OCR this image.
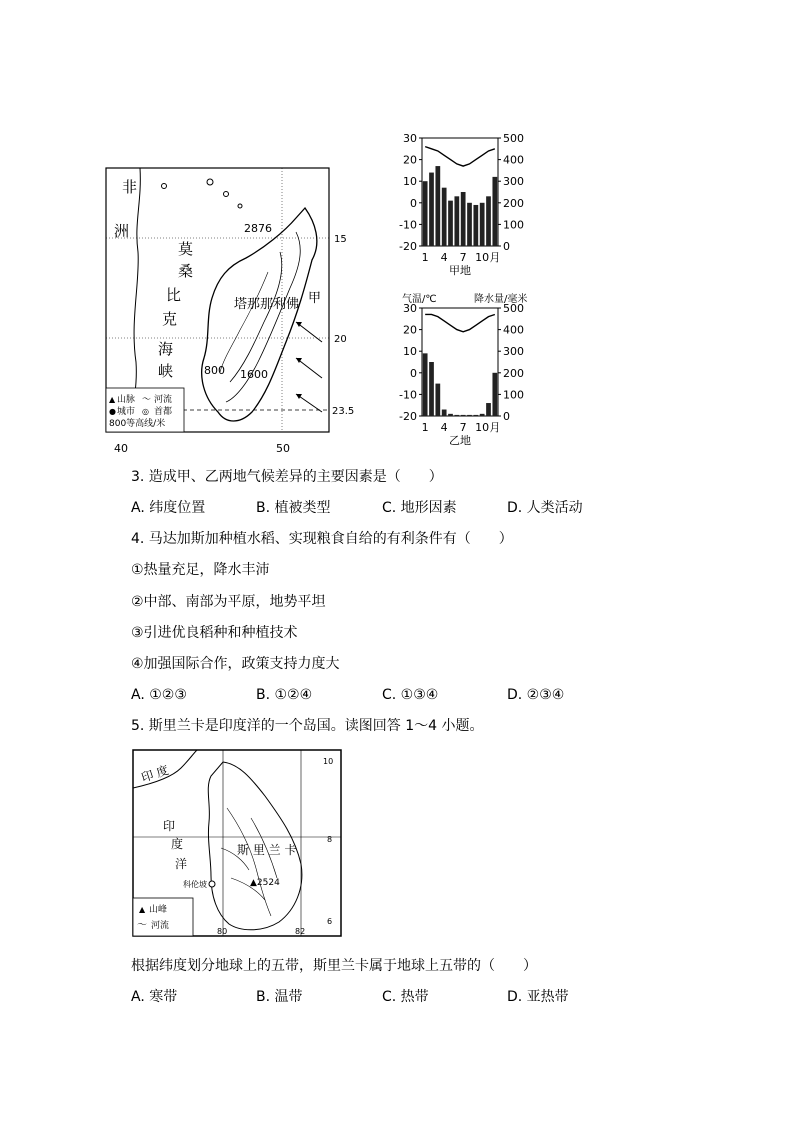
非
洲
莫
桑
比
克
海
峡
2876
塔那那利佛 甲
800 1600
15
20
23.5
40	50
▲ 山脉 〜 河流
● 城市 ◎ 首都
800等高线/米
30
20
10
0
-10
-20
500
400
300
200
100
0
1 4 7 10 月
甲地
30
20
10
0
-10
-20
500
400
300
200
100
0
1 4 7 10 月
乙地
气温/℃	降水量/毫米
3. 造成甲、乙两地气候差异的主要因素是（　　）
A. 纬度位置	B. 植被类型	C. 地形因素	D. 人类活动
4. 马达加斯加种植水稻、实现粮食自给的有利条件有（　　）
①热量充足，降水丰沛
②中部、南部为平原，地势平坦
③引进优良稻种和种植技术
④加强国际合作，政策支持力度大
A. ①②③	B. ①②④	C. ①③④	D. ②③④
5. 斯里兰卡是印度洋的一个岛国。读图回答 1～4 小题。
▲ 山峰
〜 河流
印 度
印
度
洋
斯 里 兰 卡
科伦坡	▲2524
10
8
6
80	82
根据纬度划分地球上的五带，斯里兰卡属于地球上五带的（　　）
A. 寒带	B. 温带	C. 热带	D. 亚热带
